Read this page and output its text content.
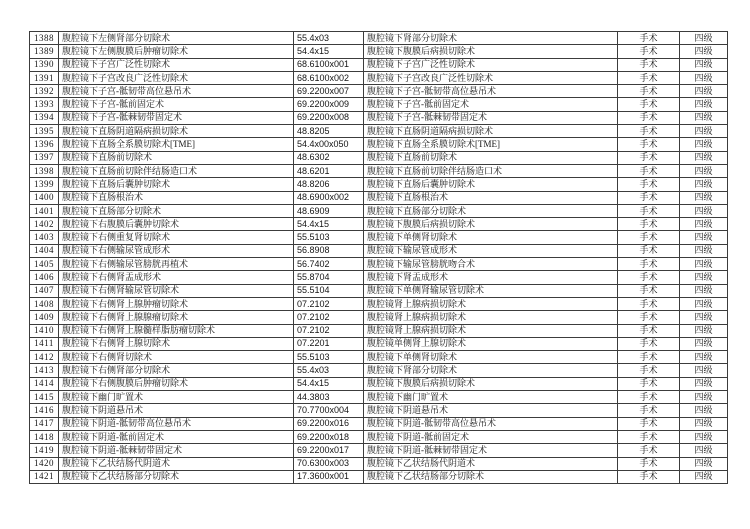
1388	腹腔镜下左侧肾部分切除术	55.4x03	腹腔镜下肾部分切除术	手术	四级
1389	腹腔镜下左侧腹膜后肿瘤切除术	54.4x15	腹腔镜下腹膜后病损切除术	手术	四级
1390	腹腔镜下子宫广泛性切除术	68.6100x001	腹腔镜下子宫广泛性切除术	手术	四级
1391	腹腔镜下子宫改良广泛性切除术	68.6100x002	腹腔镜下子宫改良广泛性切除术	手术	四级
1392	腹腔镜下子宫-骶韧带高位悬吊术	69.2200x007	腹腔镜下子宫-骶韧带高位悬吊术	手术	四级
1393	腹腔镜下子宫-骶前固定术	69.2200x009	腹腔镜下子宫-骶前固定术	手术	四级
1394	腹腔镜下子宫-骶棘韧带固定术	69.2200x008	腹腔镜下子宫-骶棘韧带固定术	手术	四级
1395	腹腔镜下直肠阴道隔病损切除术	48.8205	腹腔镜下直肠阴道隔病损切除术	手术	四级
1396	腹腔镜下直肠全系膜切除术[TME]	54.4x00x050	腹腔镜下直肠全系膜切除术[TME]	手术	四级
1397	腹腔镜下直肠前切除术	48.6302	腹腔镜下直肠前切除术	手术	四级
1398	腹腔镜下直肠前切除伴结肠造口术	48.6201	腹腔镜下直肠前切除伴结肠造口术	手术	四级
1399	腹腔镜下直肠后囊肿切除术	48.8206	腹腔镜下直肠后囊肿切除术	手术	四级
1400	腹腔镜下直肠根治术	48.6900x002	腹腔镜下直肠根治术	手术	四级
1401	腹腔镜下直肠部分切除术	48.6909	腹腔镜下直肠部分切除术	手术	四级
1402	腹腔镜下右腹膜后囊肿切除术	54.4x15	腹腔镜下腹膜后病损切除术	手术	四级
1403	腹腔镜下右侧重复肾切除术	55.5103	腹腔镜下单侧肾切除术	手术	四级
1404	腹腔镜下右侧输尿管成形术	56.8908	腹腔镜下输尿管成形术	手术	四级
1405	腹腔镜下右侧输尿管膀胱再植术	56.7402	腹腔镜下输尿管膀胱吻合术	手术	四级
1406	腹腔镜下右侧肾盂成形术	55.8704	腹腔镜下肾盂成形术	手术	四级
1407	腹腔镜下右侧肾输尿管切除术	55.5104	腹腔镜下单侧肾输尿管切除术	手术	四级
1408	腹腔镜下右侧肾上腺肿瘤切除术	07.2102	腹腔镜肾上腺病损切除术	手术	四级
1409	腹腔镜下右侧肾上腺腺瘤切除术	07.2102	腹腔镜肾上腺病损切除术	手术	四级
1410	腹腔镜下右侧肾上腺髓样脂肪瘤切除术	07.2102	腹腔镜肾上腺病损切除术	手术	四级
1411	腹腔镜下右侧肾上腺切除术	07.2201	腹腔镜单侧肾上腺切除术	手术	四级
1412	腹腔镜下右侧肾切除术	55.5103	腹腔镜下单侧肾切除术	手术	四级
1413	腹腔镜下右侧肾部分切除术	55.4x03	腹腔镜下肾部分切除术	手术	四级
1414	腹腔镜下右侧腹膜后肿瘤切除术	54.4x15	腹腔镜下腹膜后病损切除术	手术	四级
1415	腹腔镜下幽门旷置术	44.3803	腹腔镜下幽门旷置术	手术	四级
1416	腹腔镜下阴道悬吊术	70.7700x004	腹腔镜下阴道悬吊术	手术	四级
1417	腹腔镜下阴道-骶韧带高位悬吊术	69.2200x016	腹腔镜下阴道-骶韧带高位悬吊术	手术	四级
1418	腹腔镜下阴道-骶前固定术	69.2200x018	腹腔镜下阴道-骶前固定术	手术	四级
1419	腹腔镜下阴道-骶棘韧带固定术	69.2200x017	腹腔镜下阴道-骶棘韧带固定术	手术	四级
1420	腹腔镜下乙状结肠代阴道术	70.6300x003	腹腔镜下乙状结肠代阴道术	手术	四级
1421	腹腔镜下乙状结肠部分切除术	17.3600x001	腹腔镜下乙状结肠部分切除术	手术	四级
